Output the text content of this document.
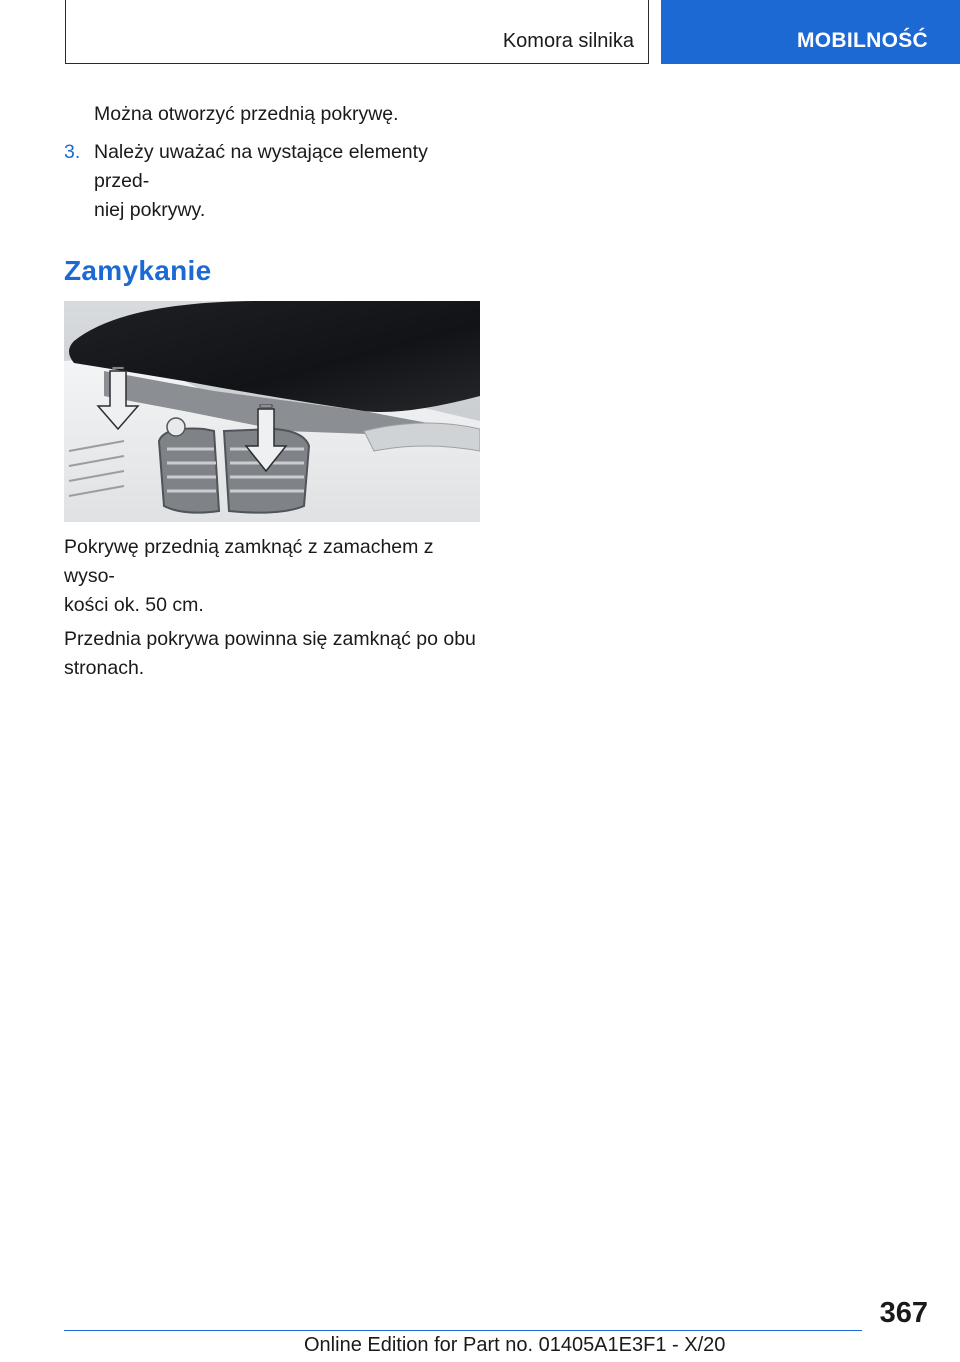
Komora silnika	MOBILNOŚĆ

Można otworzyć przednią pokrywę.

3. Należy uważać na wystające elementy przed‐
niej pokrywy.
Zamykanie

Pokrywę przednią zamknąć z zamachem z wyso‐
kości ok. 50 cm.

Przednia pokrywa powinna się zamknąć po obu
stronach.

367
Online Edition for Part no. 01405A1E3F1 - X/20
